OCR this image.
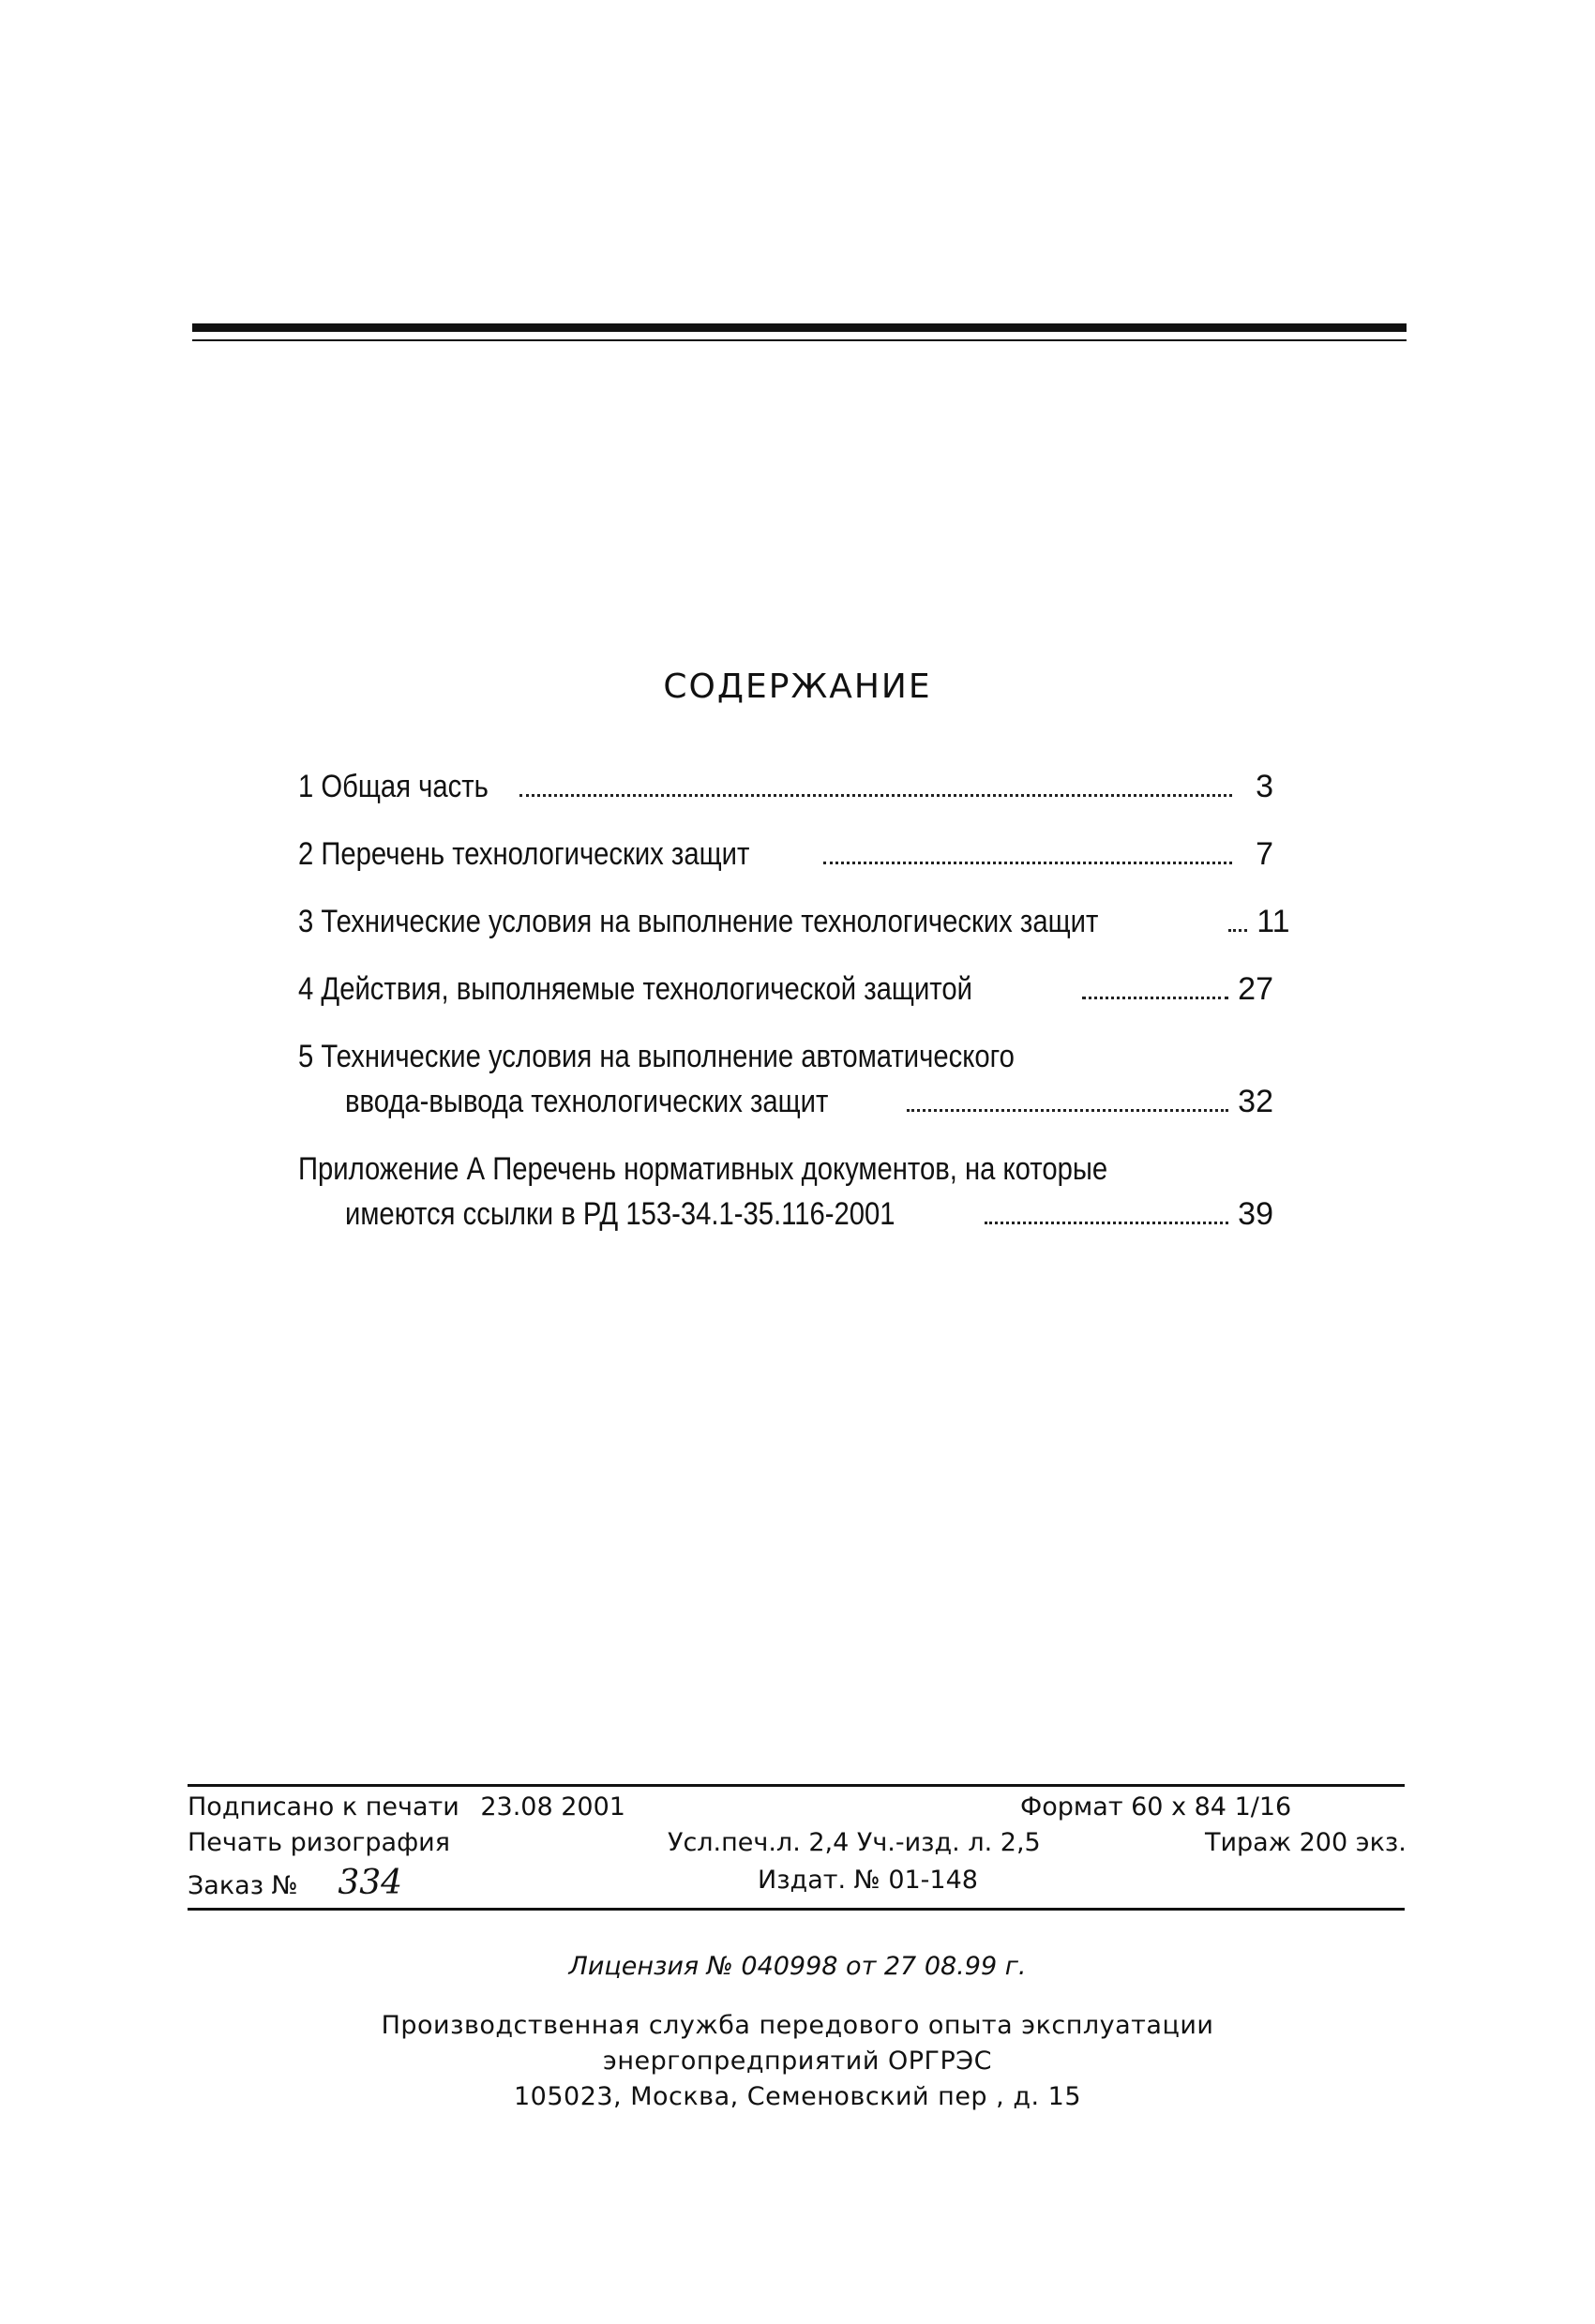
СОДЕРЖАНИЕ
1 Общая часть	3
2 Перечень технологических защит	7
3 Технические условия на выполнение технологических защит	11
4 Действия, выполняемые технологической защитой	27
5 Технические условия на выполнение автоматического
ввода-вывода технологических защит	32
Приложение А Перечень нормативных документов, на которые
имеются ссылки в РД 153-34.1-35.116-2001	39
Подписано к печати 23.08 2001	Формат 60 х 84 1/16
Печать ризография	Усл.печ.л. 2,4 Уч.-изд. л. 2,5	Тираж 200 экз.
Заказ № 334	Издат. № 01-148
Лицензия № 040998 от 27 08.99 г.
Производственная служба передового опыта эксплуатации
энергопредприятий ОРГРЭС
105023, Москва, Семеновский пер , д. 15
